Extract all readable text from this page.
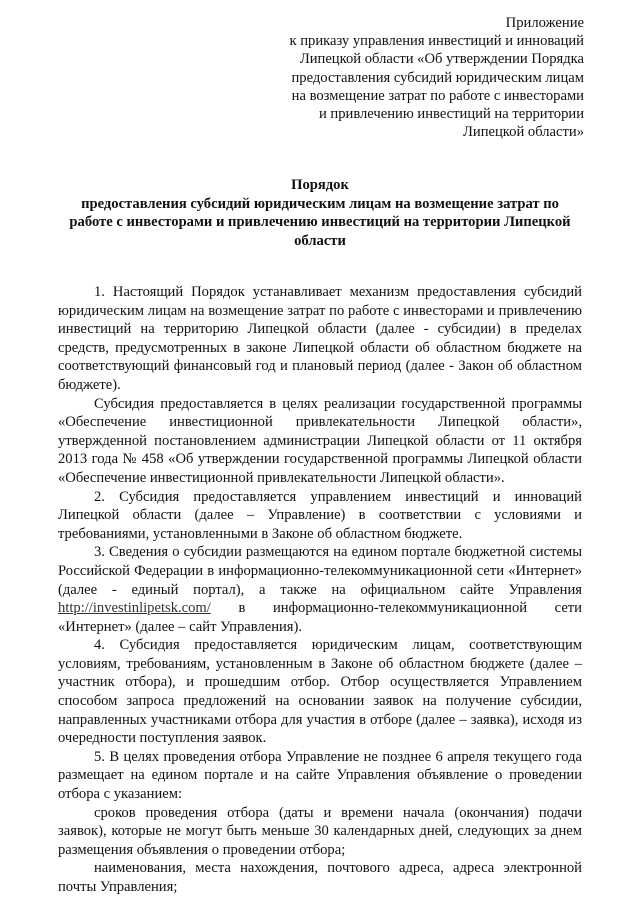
Приложение
к приказу управления инвестиций и инноваций
Липецкой области «Об утверждении Порядка
предоставления субсидий юридическим лицам
на возмещение затрат по работе с инвесторами
и привлечению инвестиций на территории
Липецкой области»
Порядок
предоставления субсидий юридическим лицам на возмещение затрат по работе с инвесторами и привлечению инвестиций на территории Липецкой области

1. Настоящий Порядок устанавливает механизм предоставления субсидий юридическим лицам на возмещение затрат по работе с инвесторами и привлечению инвестиций на территорию Липецкой области (далее - субсидии) в пределах средств, предусмотренных в законе Липецкой области об областном бюджете на соответствующий финансовый год и плановый период (далее - Закон об областном бюджете).

Субсидия предоставляется в целях реализации государственной программы «Обеспечение инвестиционной привлекательности Липецкой области», утвержденной постановлением администрации Липецкой области от 11 октября 2013 года № 458 «Об утверждении государственной программы Липецкой области «Обеспечение инвестиционной привлекательности Липецкой области».

2. Субсидия предоставляется управлением инвестиций и инноваций Липецкой области (далее – Управление) в соответствии с условиями и требованиями, установленными в Законе об областном бюджете.

3. Сведения о субсидии размещаются на едином портале бюджетной системы Российской Федерации в информационно-телекоммуникационной сети «Интернет» (далее - единый портал), а также на официальном сайте Управления http://investinlipetsk.com/ в информационно-телекоммуникационной сети «Интернет» (далее – сайт Управления).

4. Субсидия предоставляется юридическим лицам, соответствующим условиям, требованиям, установленным в Законе об областном бюджете (далее – участник отбора), и прошедшим отбор. Отбор осуществляется Управлением способом запроса предложений на основании заявок на получение субсидии, направленных участниками отбора для участия в отборе (далее – заявка), исходя из очередности поступления заявок.

5. В целях проведения отбора Управление не позднее 6 апреля текущего года размещает на едином портале и на сайте Управления объявление о проведении отбора с указанием:

сроков проведения отбора (даты и времени начала (окончания) подачи заявок), которые не могут быть меньше 30 календарных дней, следующих за днем размещения объявления о проведении отбора;

наименования, места нахождения, почтового адреса, адреса электронной почты Управления;
